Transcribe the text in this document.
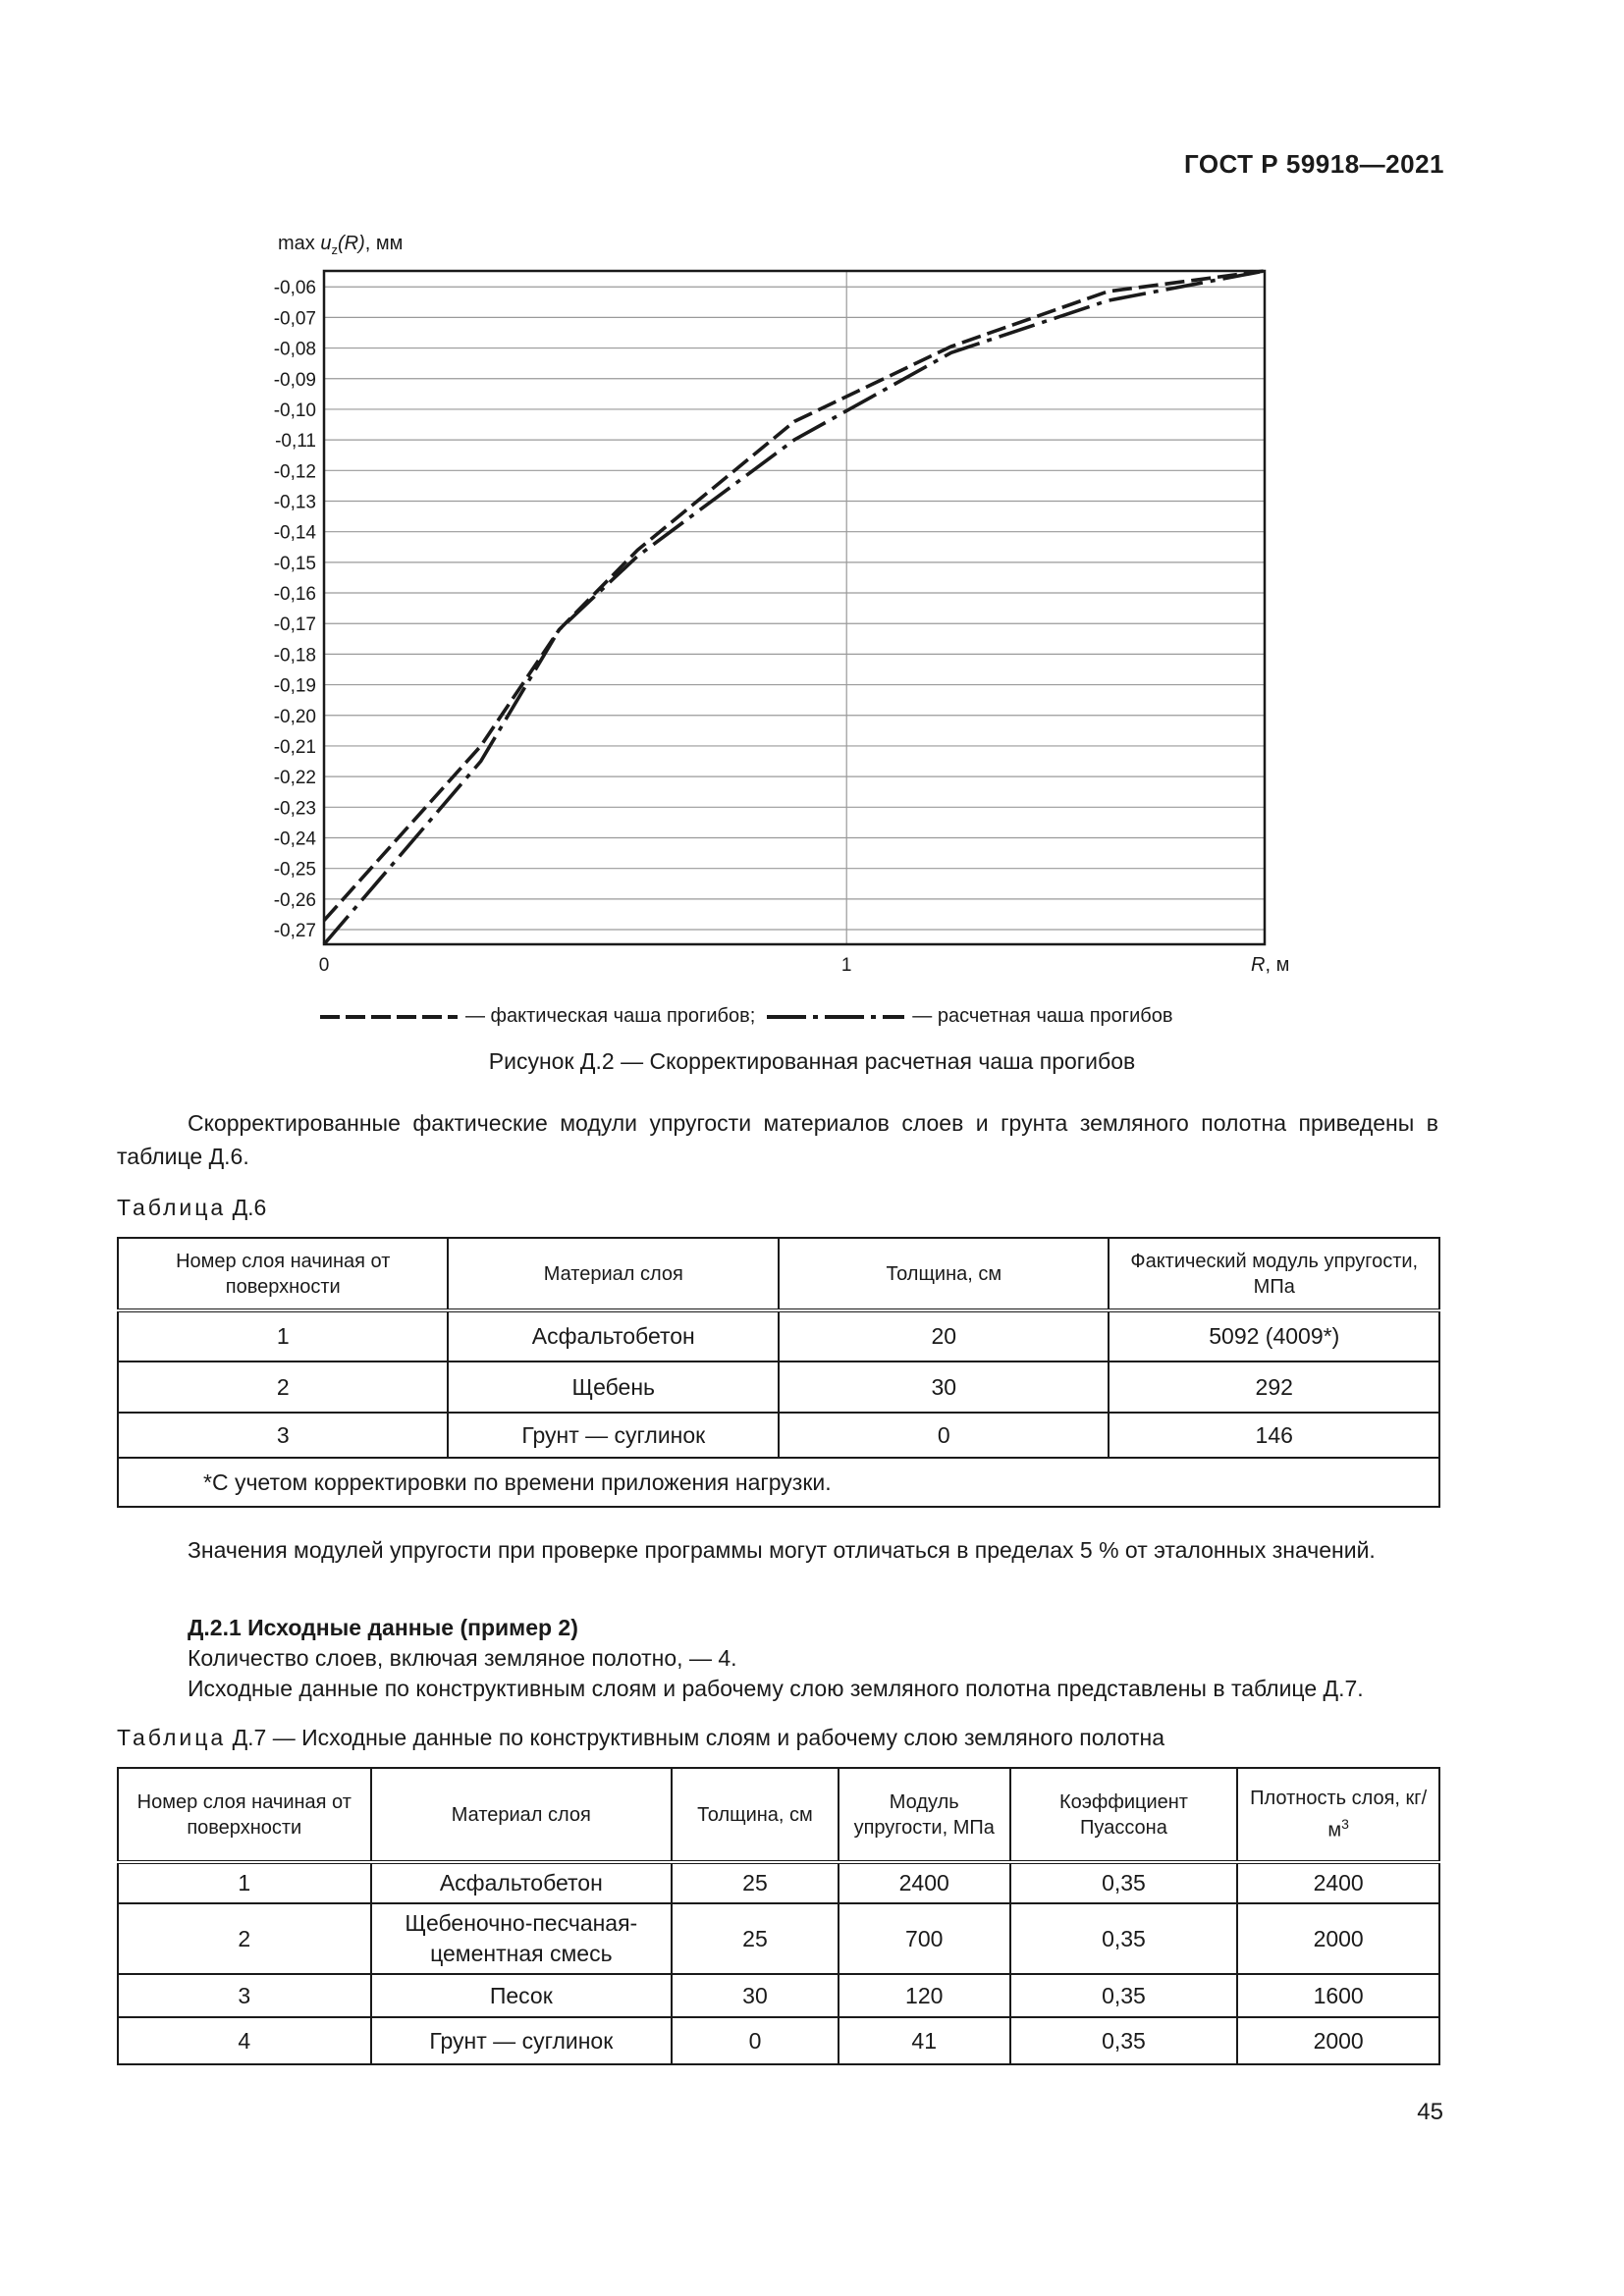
ГОСТ Р 59918—2021
-0,06
-0,07
-0,08
-0,09
-0,10
-0,11
-0,12
-0,13
-0,14
-0,15
-0,16
-0,17
-0,18
-0,19
-0,20
-0,21
-0,22
-0,23
-0,24
-0,25
-0,26
-0,27
0	1
$\max u_z(R)$, мм
R, м
— фактическая чаша прогибов;	— расчетная чаша прогибов
Рисунок Д.2 — Скорректированная расчетная чаша прогибов
Скорректированные фактические модули упругости материалов слоев и грунта земляного полотна приведены в таблице Д.6.
Таблица Д.6
Номер слоя начиная от поверхности	Материал слоя	Толщина, см	Фактический модуль упругости, МПа
1	Асфальтобетон	20	5092 (4009*)
2	Щебень	30	292
3	Грунт — суглинок	0	146
*С учетом корректировки по времени приложения нагрузки.			
Значения модулей упругости при проверке программы могут отличаться в пределах 5 % от эталонных значений.
Д.2.1 Исходные данные (пример 2)
Количество слоев, включая земляное полотно, — 4.
Исходные данные по конструктивным слоям и рабочему слою земляного полотна представлены в таблице Д.7.
Таблица Д.7 — Исходные данные по конструктивным слоям и рабочему слою земляного полотна
Номер слоя начиная от поверхности	Материал слоя	Толщина, см	Модуль упругости, МПа	Коэффициент Пуассона	Плотность слоя, $кг/м^3$
1	Асфальтобетон	25	2400	0,35	2400
2	Щебеночно-песчаная-цементная смесь	25	700	0,35	2000
3	Песок	30	120	0,35	1600
4	Грунт — суглинок	0	41	0,35	2000
45
